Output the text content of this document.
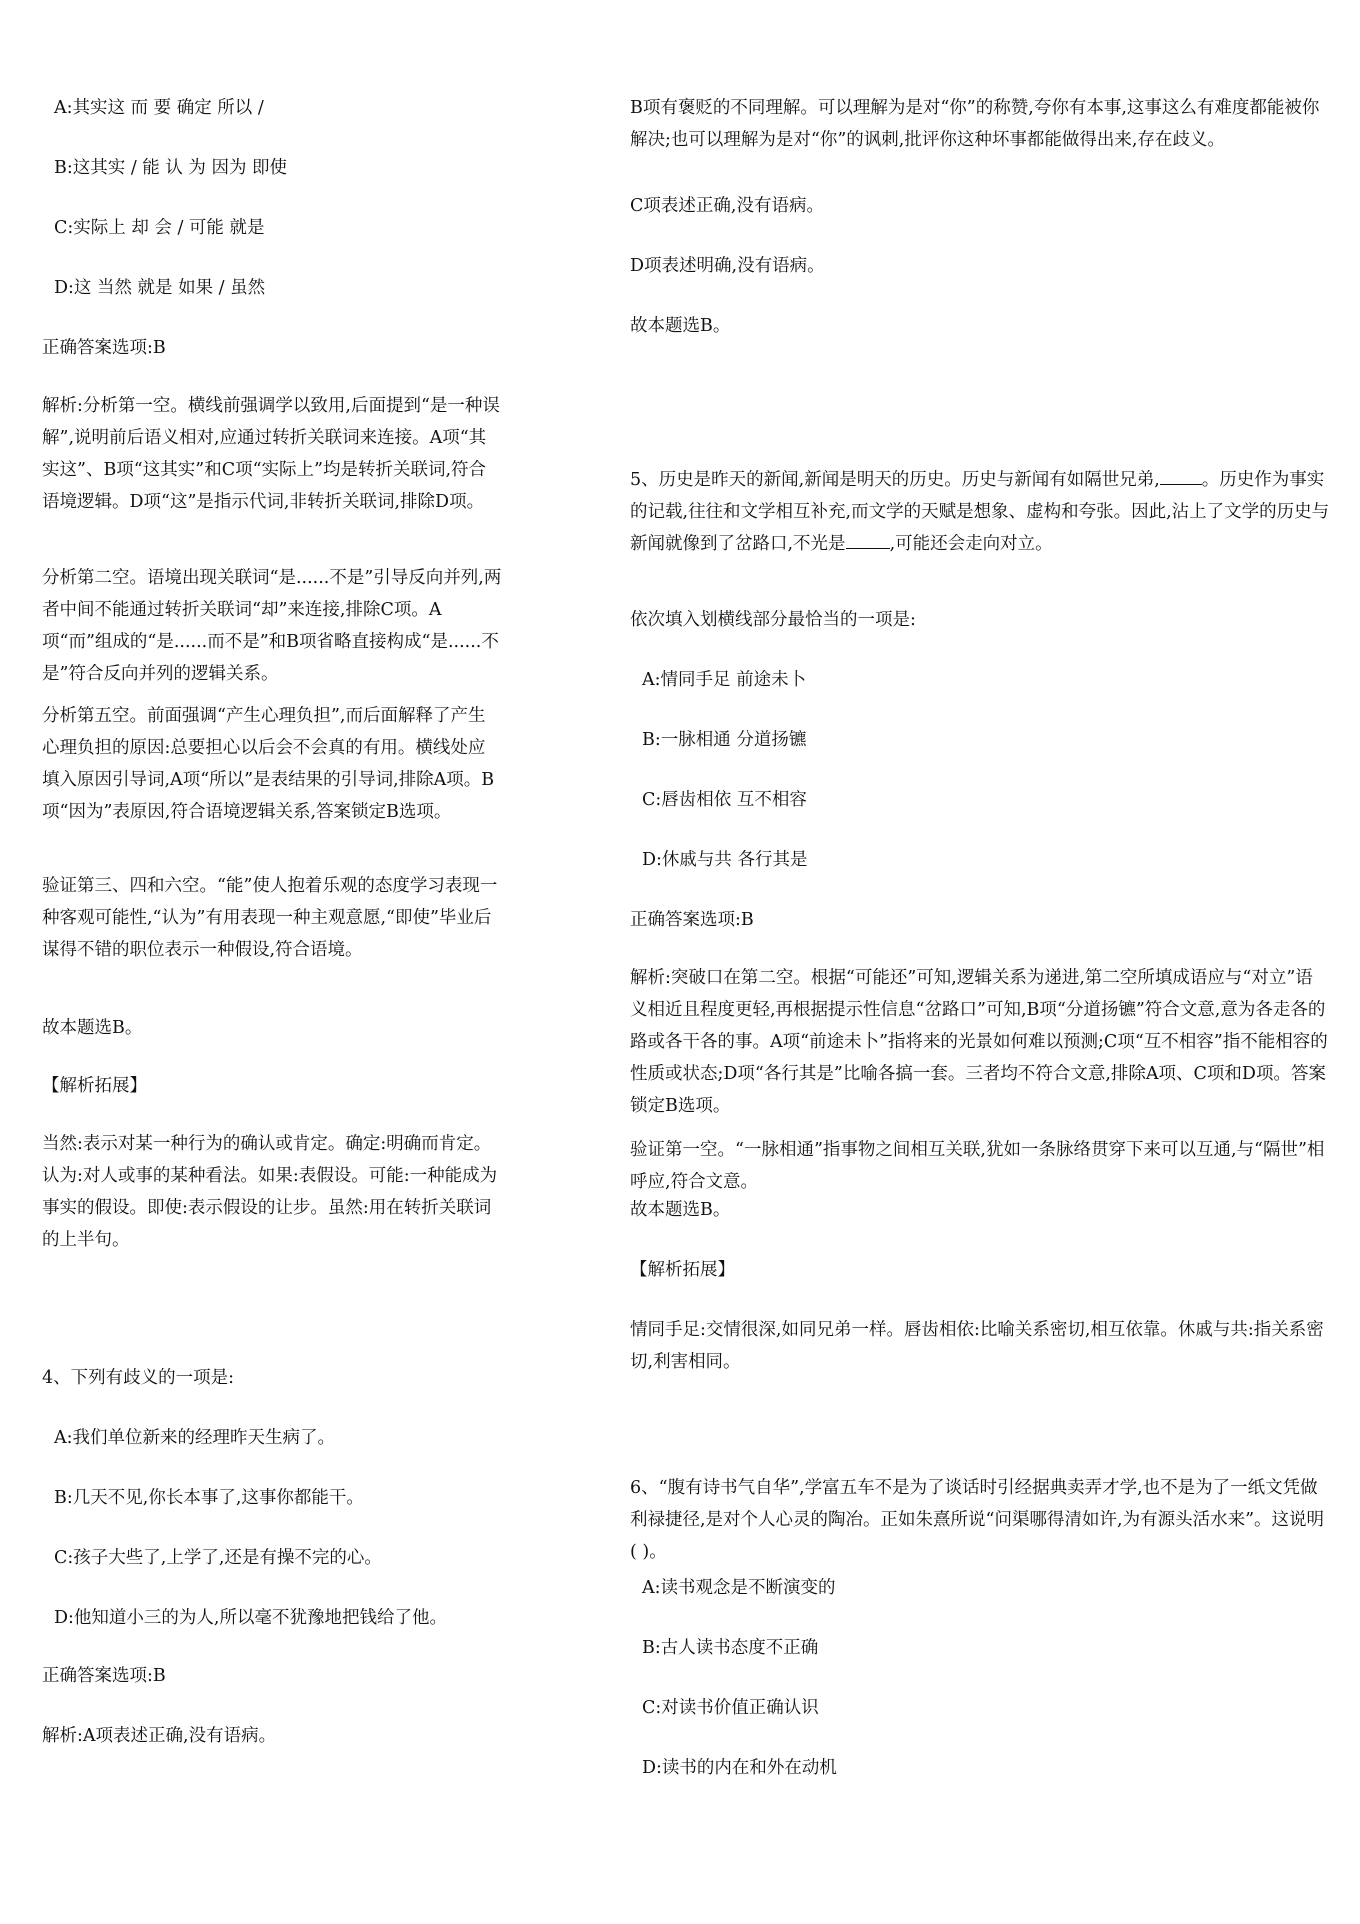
A:其实这 而 要 确定 所以 /

B:这其实 / 能 认 为 因为 即使

C:实际上 却 会 / 可能 就是

D:这 当然 就是 如果 / 虽然

正确答案选项:B

解析:分析第一空。横线前强调学以致用,后面提到“是一种误解”,说明前后语义相对,应通过转折关联词来连接。A项“其实这”、B项“这其实”和C项“实际上”均是转折关联词,符合语境逻辑。D项“这”是指示代词,非转折关联词,排除D项。

分析第二空。语境出现关联词“是......不是”引导反向并列,两者中间不能通过转折关联词“却”来连接,排除C项。A项“而”组成的“是......而不是”和B项省略直接构成“是......不是”符合反向并列的逻辑关系。

分析第五空。前面强调“产生心理负担”,而后面解释了产生心理负担的原因:总要担心以后会不会真的有用。横线处应填入原因引导词,A项“所以”是表结果的引导词,排除A项。B项“因为”表原因,符合语境逻辑关系,答案锁定B选项。

验证第三、四和六空。“能”使人抱着乐观的态度学习表现一种客观可能性,“认为”有用表现一种主观意愿,“即使”毕业后谋得不错的职位表示一种假设,符合语境。

故本题选B。

【解析拓展】

当然:表示对某一种行为的确认或肯定。确定:明确而肯定。认为:对人或事的某种看法。如果:表假设。可能:一种能成为事实的假设。即使:表示假设的让步。虽然:用在转折关联词的上半句。

4、下列有歧义的一项是:

A:我们单位新来的经理昨天生病了。

B:几天不见,你长本事了,这事你都能干。

C:孩子大些了,上学了,还是有操不完的心。

D:他知道小三的为人,所以毫不犹豫地把钱给了他。

正确答案选项:B

解析:A项表述正确,没有语病。

B项有褒贬的不同理解。可以理解为是对“你”的称赞,夸你有本事,这事这么有难度都能被你解决;也可以理解为是对“你”的讽刺,批评你这种坏事都能做得出来,存在歧义。

C项表述正确,没有语病。

D项表述明确,没有语病。

故本题选B。

5、历史是昨天的新闻,新闻是明天的历史。历史与新闻有如隔世兄弟, 。历史作为事实的记载,往往和文学相互补充,而文学的天赋是想象、虚构和夸张。因此,沾上了文学的历史与新闻就像到了岔路口,不光是	,可能还会走向对立。

依次填入划横线部分最恰当的一项是:

A:情同手足 前途未卜

B:一脉相通 分道扬镳

C:唇齿相依 互不相容

D:休戚与共 各行其是

正确答案选项:B

解析:突破口在第二空。根据“可能还”可知,逻辑关系为递进,第二空所填成语应与“对立”语义相近且程度更轻,再根据提示性信息“岔路口”可知,B项“分道扬镳”符合文意,意为各走各的路或各干各的事。A项“前途未卜”指将来的光景如何难以预测;C项“互不相容”指不能相容的性质或状态;D项“各行其是”比喻各搞一套。三者均不符合文意,排除A项、C项和D项。答案锁定B选项。

验证第一空。“一脉相通”指事物之间相互关联,犹如一条脉络贯穿下来可以互通,与“隔世”相呼应,符合文意。

故本题选B。

【解析拓展】

情同手足:交情很深,如同兄弟一样。唇齿相依:比喻关系密切,相互依靠。休戚与共:指关系密切,利害相同。

6、“腹有诗书气自华”,学富五车不是为了谈话时引经据典卖弄才学,也不是为了一纸文凭做利禄捷径,是对个人心灵的陶冶。正如朱熹所说“问渠哪得清如许,为有源头活水来”。这说明( )。

A:读书观念是不断演变的

B:古人读书态度不正确

C:对读书价值正确认识

D:读书的内在和外在动机
